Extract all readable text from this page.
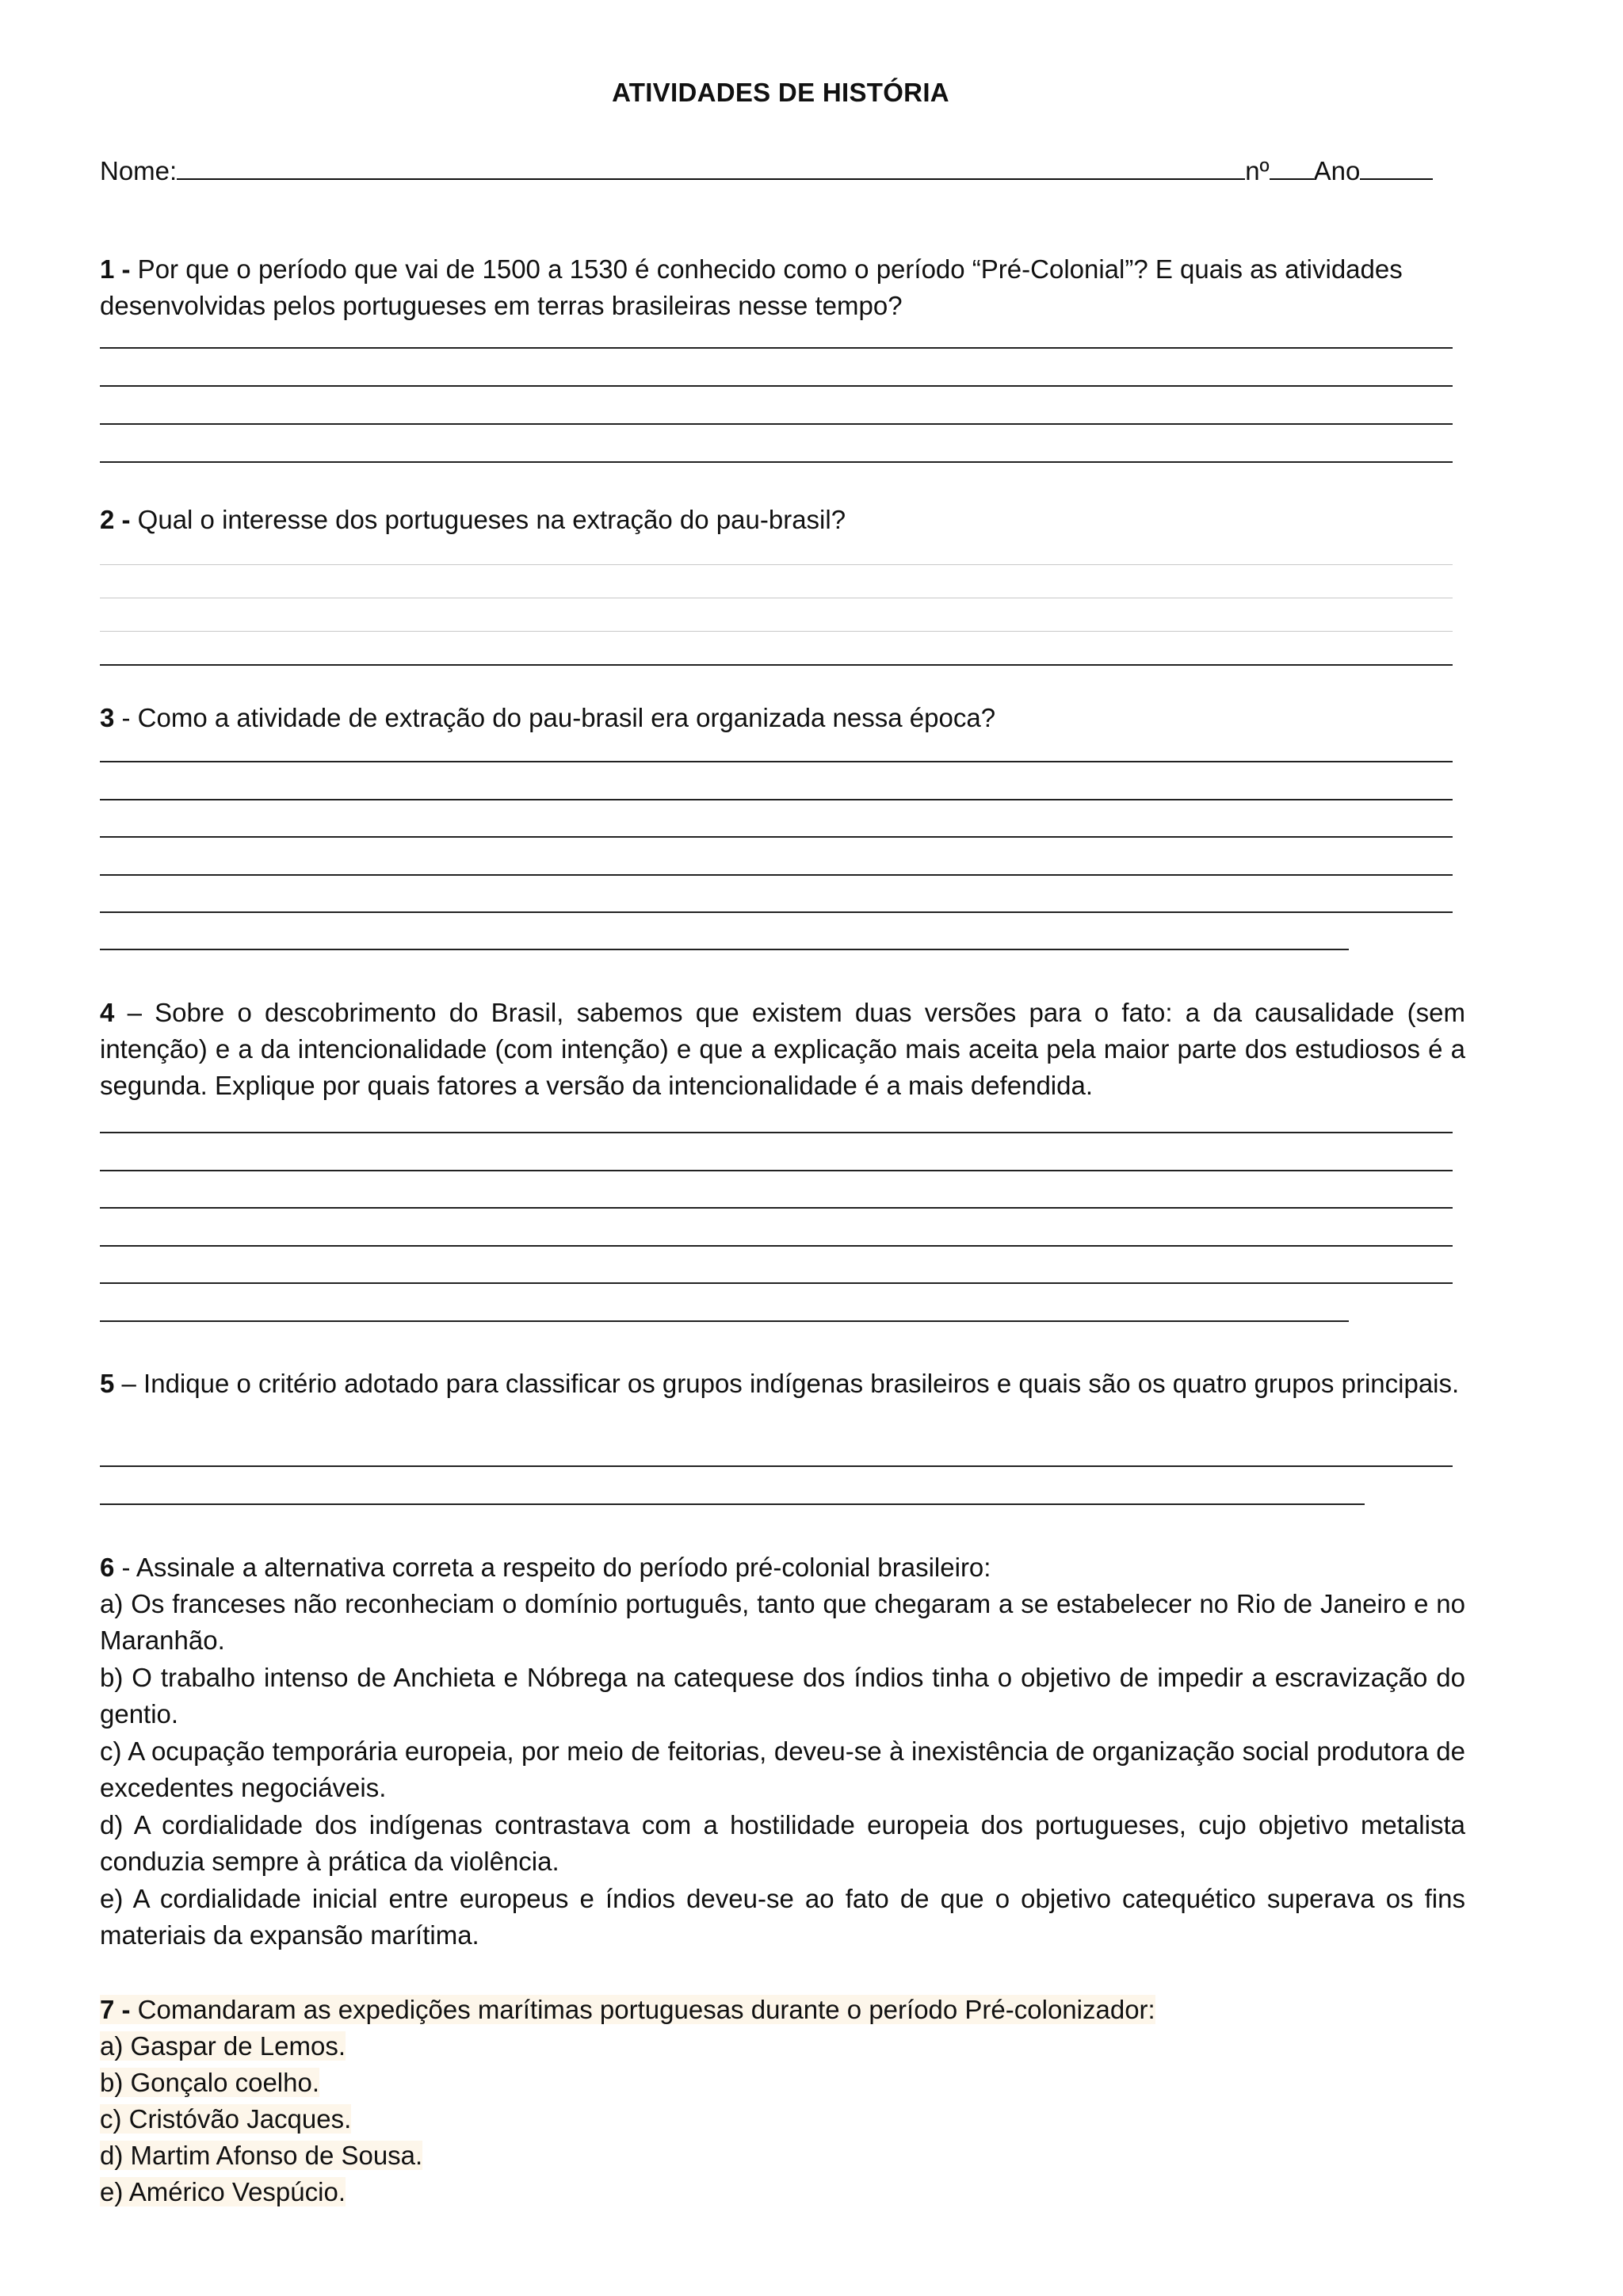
ATIVIDADES DE HISTÓRIA
Nome:	nº Ano
1 - Por que o período que vai de 1500 a 1530 é conhecido como o período “Pré-Colonial”? E quais as atividades desenvolvidas pelos portugueses em terras brasileiras nesse tempo?
2 - Qual o interesse dos portugueses na extração do pau-brasil?
3 - Como a atividade de extração do pau-brasil era organizada nessa época?
4 – Sobre o descobrimento do Brasil, sabemos que existem duas versões para o fato: a da causalidade (sem intenção) e a da intencionalidade (com intenção) e que a explicação mais aceita pela maior parte dos estudiosos é a segunda. Explique por quais fatores a versão da intencionalidade é a mais defendida.
5 – Indique o critério adotado para classificar os grupos indígenas brasileiros e quais são os quatro grupos principais.
6 - Assinale a alternativa correta a respeito do período pré-colonial brasileiro:
a) Os franceses não reconheciam o domínio português, tanto que chegaram a se estabelecer no Rio de Janeiro e no Maranhão.
b) O trabalho intenso de Anchieta e Nóbrega na catequese dos índios tinha o objetivo de impedir a escravização do gentio.
c) A ocupação temporária europeia, por meio de feitorias, deveu-se à inexistência de organização social produtora de excedentes negociáveis.
d) A cordialidade dos indígenas contrastava com a hostilidade europeia dos portugueses, cujo objetivo metalista conduzia sempre à prática da violência.
e) A cordialidade inicial entre europeus e índios deveu-se ao fato de que o objetivo catequético superava os fins materiais da expansão marítima.
7 - Comandaram as expedições marítimas portuguesas durante o período Pré-colonizador:
a) Gaspar de Lemos.
b) Gonçalo coelho.
c) Cristóvão Jacques.
d) Martim Afonso de Sousa.
e) Américo Vespúcio.
